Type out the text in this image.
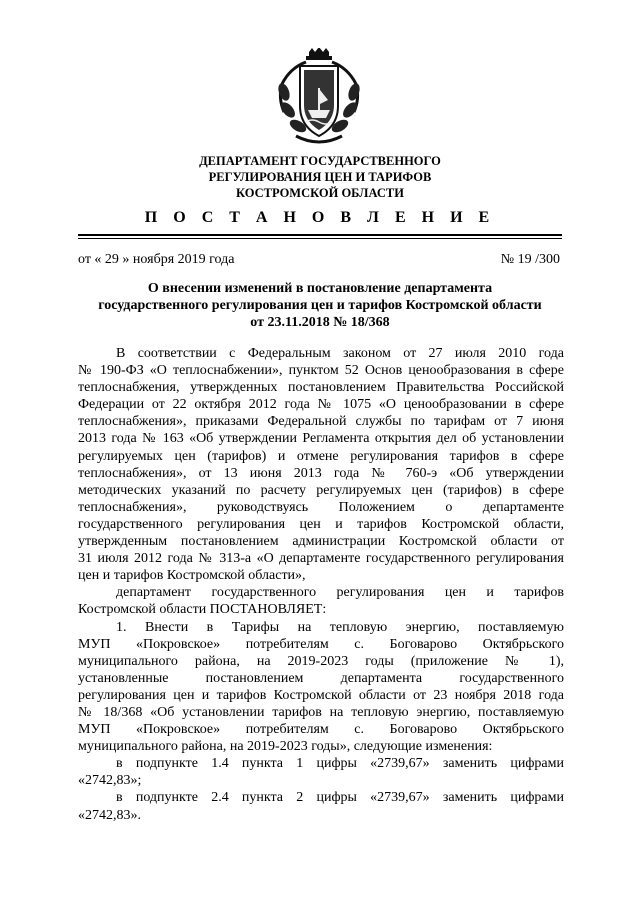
ДЕПАРТАМЕНТ ГОСУДАРСТВЕННОГО
РЕГУЛИРОВАНИЯ ЦЕН И ТАРИФОВ
КОСТРОМСКОЙ ОБЛАСТИ
П О С Т А Н О В Л Е Н И Е
от « 29 » ноября 2019 года	№ 19 /300
О внесении изменений в постановление департамента
государственного регулирования цен и тарифов Костромской области
от 23.11.2018 № 18/368

В соответствии с Федеральным законом от 27 июля 2010 года

№ 190-ФЗ «О теплоснабжении», пунктом 52 Основ ценообразования в сфере

теплоснабжения, утвержденных постановлением Правительства Российской

Федерации от 22 октября 2012 года № 1075 «О ценообразовании в сфере

теплоснабжения», приказами Федеральной службы по тарифам от 7 июня

2013 года № 163 «Об утверждении Регламента открытия дел об установлении

регулируемых цен (тарифов) и отмене регулирования тарифов в сфере

теплоснабжения», от 13 июня 2013 года № 760-э «Об утверждении

методических указаний по расчету регулируемых цен (тарифов) в сфере

теплоснабжения», руководствуясь Положением о департаменте

государственного регулирования цен и тарифов Костромской области,

утвержденным постановлением администрации Костромской области от

31 июля 2012 года № 313-а «О департаменте государственного регулирования

цен и тарифов Костромской области»,

департамент государственного регулирования цен и тарифов

Костромской области ПОСТАНОВЛЯЕТ:

1. Внести в Тарифы на тепловую энергию, поставляемую

МУП «Покровское» потребителям с. Боговарово Октябрьского

муниципального района, на 2019-2023 годы (приложение № 1),

установленные постановлением департамента государственного

регулирования цен и тарифов Костромской области от 23 ноября 2018 года

№ 18/368 «Об установлении тарифов на тепловую энергию, поставляемую

МУП «Покровское» потребителям с. Боговарово Октябрьского

муниципального района, на 2019-2023 годы», следующие изменения:

в подпункте 1.4 пункта 1 цифры «2739,67» заменить цифрами

«2742,83»;

в подпункте 2.4 пункта 2 цифры «2739,67» заменить цифрами

«2742,83».
